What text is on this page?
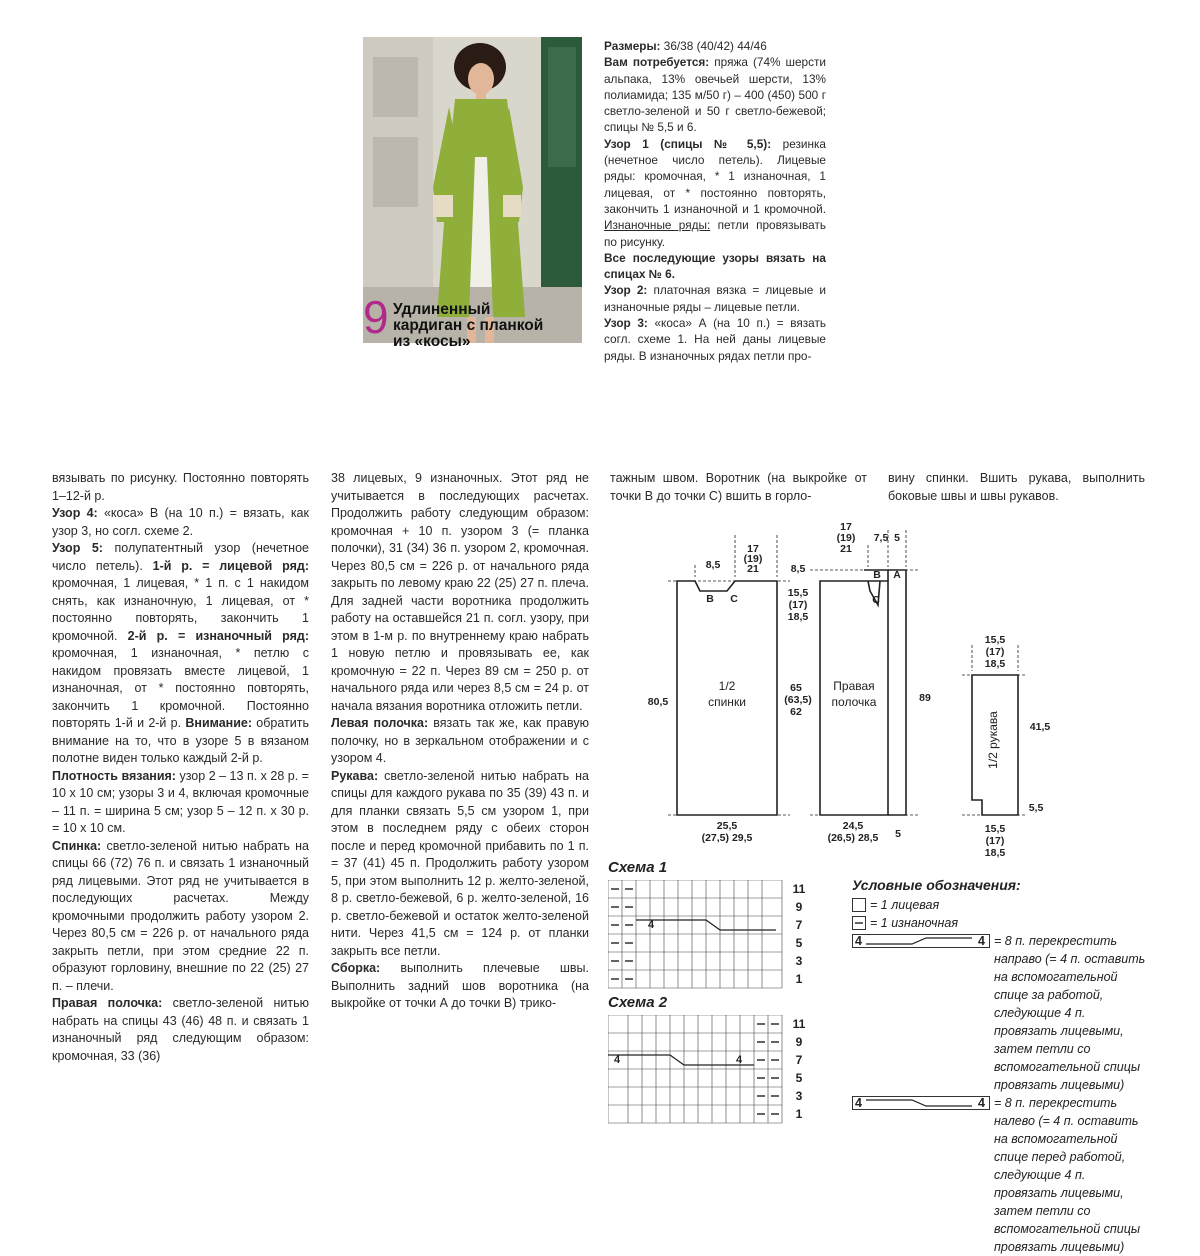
9 Удлиненный
кардиган с планкой
из «косы»

Размеры: 36/38 (40/42) 44/46

Вам потребуется: пряжа (74% шерсти альпака, 13% овечьей шерсти, 13% полиамида; 135 м/50 г) – 400 (450) 500 г светло-зеленой и 50 г светло-бежевой; спицы № 5,5 и 6.

Узор 1 (спицы № 5,5): резинка (нечетное число петель). Лицевые ряды: кромочная, * 1 изнаночная, 1 лицевая, от * постоянно повторять, закончить 1 изнаночной и 1 кромочной. Изнаночные ряды: петли провязывать по рисунку.

Все последующие узоры вязать на спицах № 6.

Узор 2: платочная вязка = лицевые и изнаночные ряды – лицевые петли.

Узор 3: «коса» А (на 10 п.) = вязать согл. схеме 1. На ней даны лицевые ряды. В изнаночных рядах петли про-

вязывать по рисунку. Постоянно повторять 1–12-й р.

Узор 4: «коса» В (на 10 п.) = вязать, как узор 3, но согл. схеме 2.

Узор 5: полупатентный узор (нечетное число петель). 1-й р. = лицевой ряд: кромочная, 1 лицевая, * 1 п. с 1 накидом снять, как изнаночную, 1 лицевая, от * постоянно повторять, закончить 1 кромочной. 2-й р. = изнаночный ряд: кромочная, 1 изнаночная, * петлю с накидом провязать вместе лицевой, 1 изнаночная, от * постоянно повторять, закончить 1 кромочной. Постоянно повторять 1-й и 2-й р. Внимание: обратить внимание на то, что в узоре 5 в вязаном полотне виден только каждый 2-й р.

Плотность вязания: узор 2 – 13 п. х 28 р. = 10 х 10 см; узоры 3 и 4, включая кромочные – 11 п. = ширина 5 см; узор 5 – 12 п. х 30 р. = 10 х 10 см.

Спинка: светло-зеленой нитью набрать на спицы 66 (72) 76 п. и связать 1 изнаночный ряд лицевыми. Этот ряд не учитывается в последующих расчетах. Между кромочными продолжить работу узором 2. Через 80,5 см = 226 р. от начального ряда закрыть петли, при этом средние 22 п. образуют горловину, внешние по 22 (25) 27 п. – плечи.

Правая полочка: светло-зеленой нитью набрать на спицы 43 (46) 48 п. и связать 1 изнаночный ряд следующим образом: кромочная, 33 (36)

38 лицевых, 9 изнаночных. Этот ряд не учитывается в последующих расчетах. Продолжить работу следующим образом: кромочная + 10 п. узором 3 (= планка полочки), 31 (34) 36 п. узором 2, кромочная. Через 80,5 см = 226 р. от начального ряда закрыть по левому краю 22 (25) 27 п. плеча. Для задней части воротника продолжить работу на оставшейся 21 п. согл. узору, при этом в 1-м р. по внутреннему краю набрать 1 новую петлю и провязывать ее, как кромочную = 22 п. Через 89 см = 250 р. от начального ряда или через 8,5 см = 24 р. от начала вязания воротника отложить петли.

Левая полочка: вязать так же, как правую полочку, но в зеркальном отображении и с узором 4.

Рукава: светло-зеленой нитью набрать на спицы для каждого рукава по 35 (39) 43 п. и для планки связать 5,5 см узором 1, при этом в последнем ряду с обеих сторон после и перед кромочной прибавить по 1 п. = 37 (41) 45 п. Продолжить работу узором 5, при этом выполнить 12 р. желто-зеленой, 8 р. светло-бежевой, 6 р. желто-зеленой, 16 р. светло-бежевой и остаток желто-зеленой нити. Через 41,5 см = 124 р. от планки закрыть все петли.

Сборка: выполнить плечевые швы. Выполнить задний шов воротника (на выкройке от точки А до точки В) трико-

тажным швом. Воротник (на выкройке от точки В до точки С) вшить в горло-

вину спинки. Вшить рукава, выполнить боковые швы и швы рукавов.

8,5
17
(19)
21	8,5
15,5
(17)
18,5
80,5
65
(63,5)
62
1/2
спинки
25,5
(27,5) 29,5
17
(19)
21
7,5 5
Правая
полочка	89
24,5
(26,5) 28,5 5
15,5
(17)
18,5
41,5
5,5
15,5
(17)
18,5
1/2 рукава
B C
B A
C
Схема 1
4
11
9
7
5
3
1
Схема 2
4	4
11
9
7
5
3
1
Условные обозначения:
= 1 лицевая
= 1 изнаночная
4	4 = 8 п. перекрестить направо (= 4 п. оставить на вспомогательной спице за работой, следующие 4 п. провязать лицевыми, затем петли со вспомогательной спицы провязать лицевыми)
4	4 = 8 п. перекрестить налево (= 4 п. оставить на вспомогательной спице перед работой, следующие 4 п. провязать лицевыми, затем петли со вспомогательной спицы провязать лицевыми)
